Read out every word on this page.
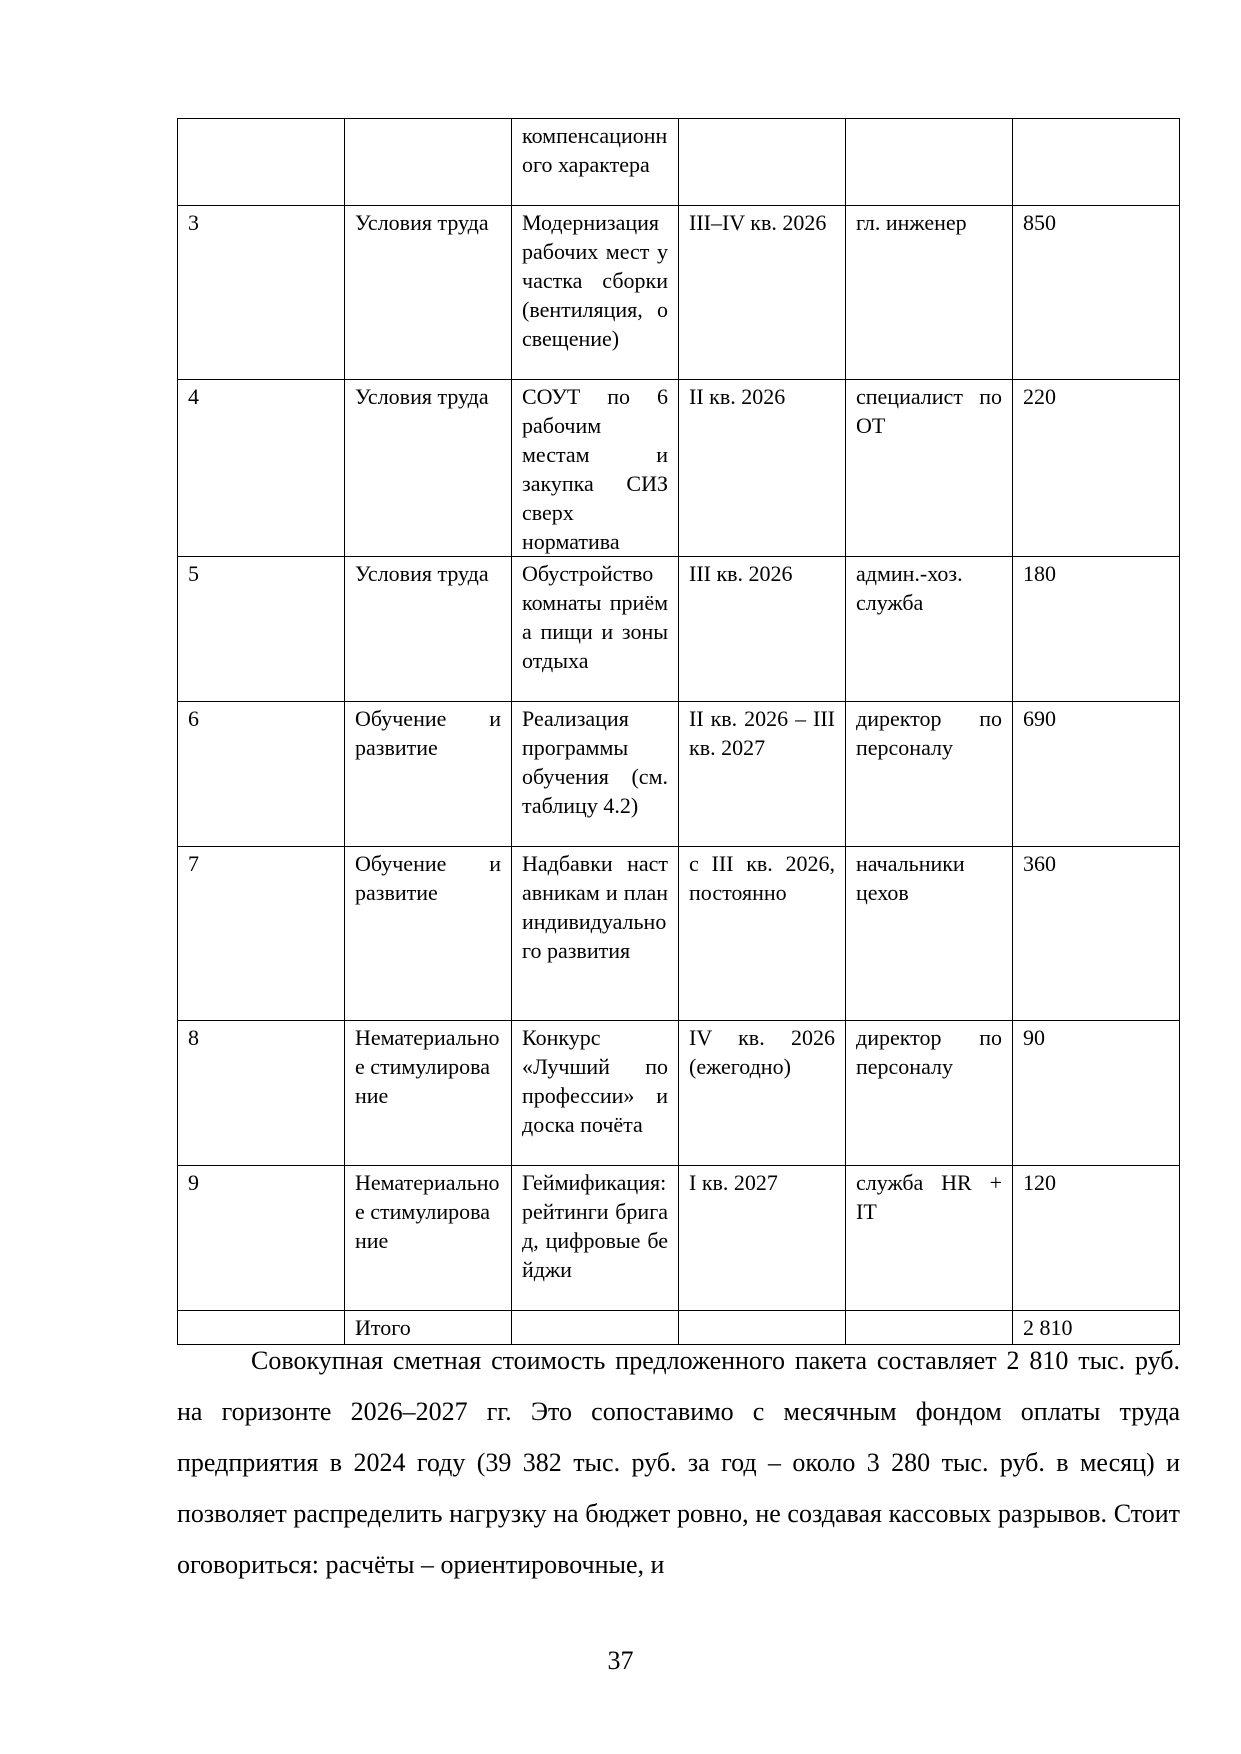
		компенсационного характера			
3	Условия труда	Модернизация рабочих мест участка сборки (вентиляция, освещение)	III–IV кв. 2026	гл. инженер	850
4	Условия труда	СОУТ по 6 рабочим местам и закупка СИЗ сверх норматива	II кв. 2026	специалист по ОТ	220
5	Условия труда	Обустройство комнаты приёма пищи и зоны отдыха	III кв. 2026	админ.-хоз. служба	180
6	Обучение и развитие	Реализация программы обучения (см. таблицу 4.2)	II кв. 2026 – III кв. 2027	директор по персоналу	690
7	Обучение и развитие	Надбавки наставникам и план индивидуального развития	с III кв. 2026, постоянно	начальники цехов	360
8	Нематериальное стимулирование	Конкурс «Лучший по профессии» и доска почёта	IV кв. 2026 (ежегодно)	директор по персоналу	90
9	Нематериальное стимулирование	Геймификация: рейтинги бригад, цифровые бейджи	I кв. 2027	служба HR + IT	120
	Итого				2 810
Совокупная сметная стоимость предложенного пакета составляет 2 810 тыс. руб. на горизонте 2026–2027 гг. Это сопоставимо с месячным фондом оплаты труда предприятия в 2024 году (39 382 тыс. руб. за год – около 3 280 тыс. руб. в месяц) и позволяет распределить нагрузку на бюджет ровно, не создавая кассовых разрывов. Стоит оговориться: расчёты – ориентировочные, и
37
